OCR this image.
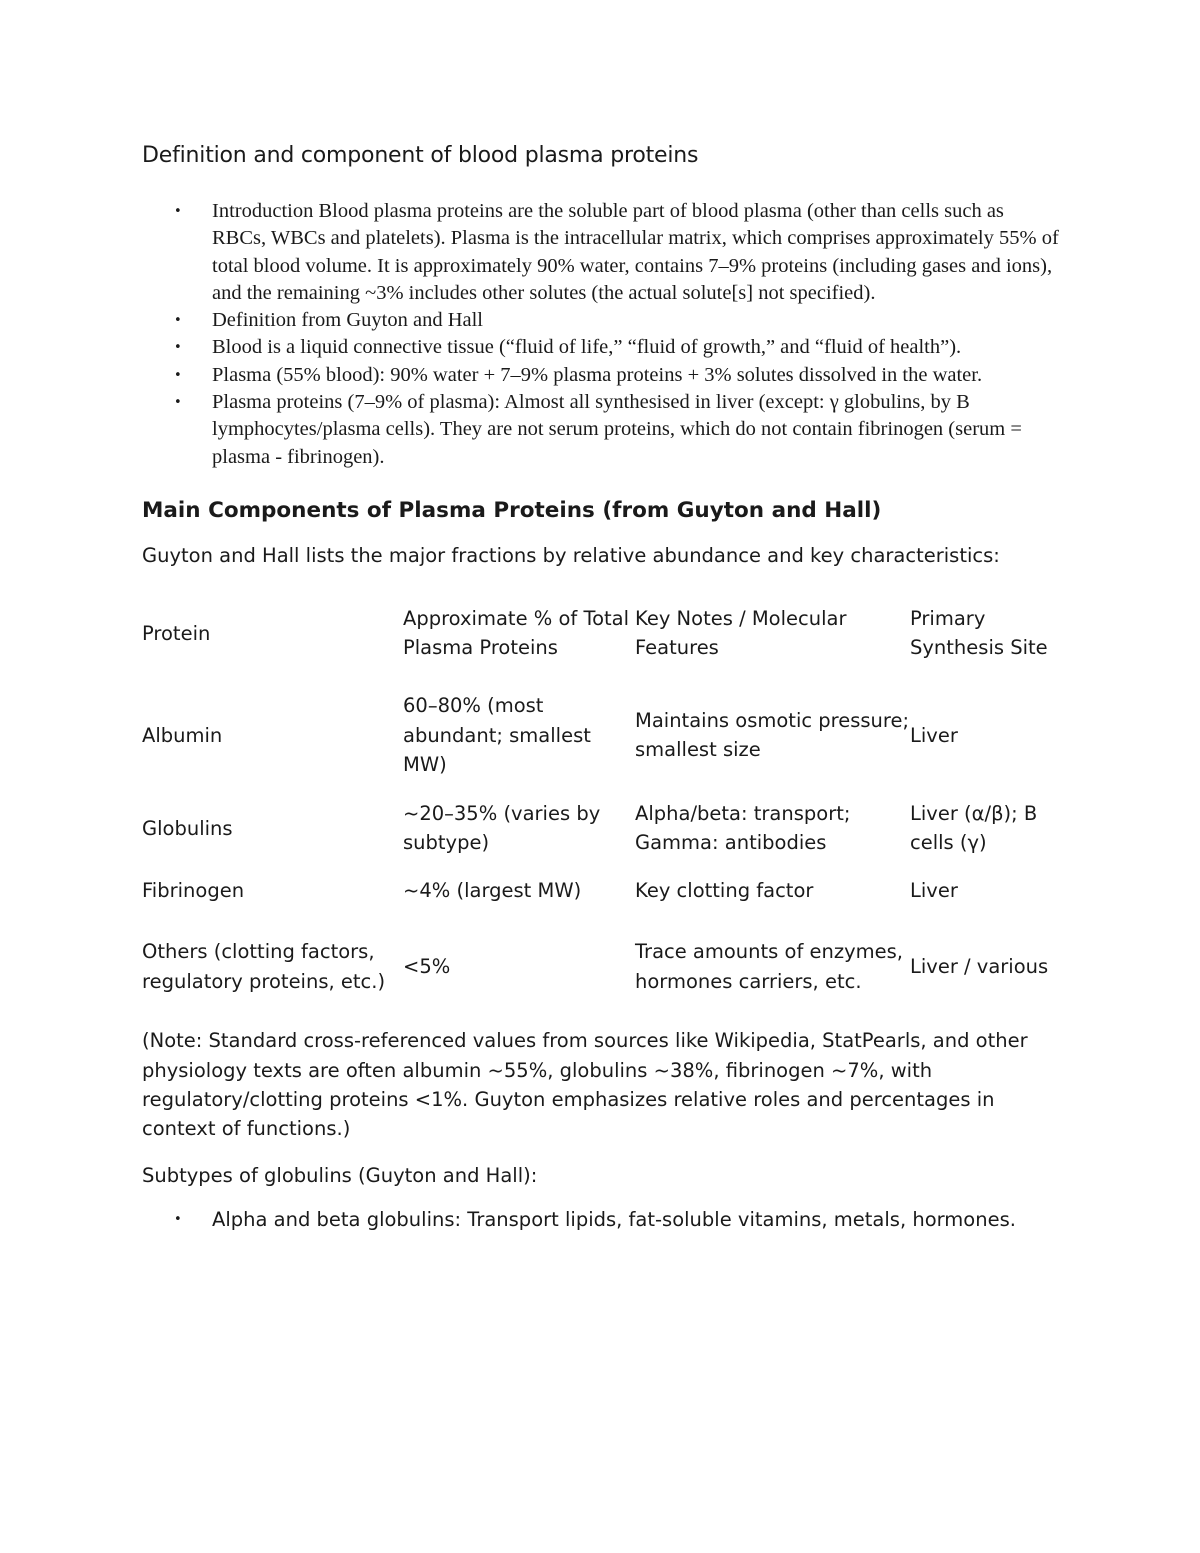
Definition and component of blood plasma proteins
• Introduction Blood plasma proteins are the soluble part of blood plasma (other than cells such as RBCs, WBCs and platelets). Plasma is the intracellular matrix, which comprises approximately 55% of total blood volume. It is approximately 90% water, contains 7–9% proteins (including gases and ions), and the remaining ~3% includes other solutes (the actual solute[s] not specified).
• Definition from Guyton and Hall
• Blood is a liquid connective tissue (“fluid of life,” “fluid of growth,” and “fluid of health”).
• Plasma (55% blood): 90% water + 7–9% plasma proteins + 3% solutes dissolved in the water.
• Plasma proteins (7–9% of plasma): Almost all synthesised in liver (except: γ globulins, by B lymphocytes/plasma cells). They are not serum proteins, which do not contain fibrinogen (serum = plasma - fibrinogen).
Main Components of Plasma Proteins (from Guyton and Hall)

Guyton and Hall lists the major fractions by relative abundance and key characteristics:

Protein	Approximate % of Total Plasma Proteins	Key Notes / Molecular Features	Primary Synthesis Site
Albumin	60–80% (most abundant; smallest MW)	Maintains osmotic pressure; smallest size	Liver
Globulins	~20–35% (varies by subtype)	Alpha/beta: transport; Gamma: antibodies	Liver (α/β); B cells (γ)
Fibrinogen	~4% (largest MW)	Key clotting factor	Liver
Others (clotting factors, regulatory proteins, etc.)	<5%	Trace amounts of enzymes, hormones carriers, etc.	Liver / various

(Note: Standard cross-referenced values from sources like Wikipedia, StatPearls, and other physiology texts are often albumin ~55%, globulins ~38%, fibrinogen ~7%, with regulatory/clotting proteins <1%. Guyton emphasizes relative roles and percentages in context of functions.)

Subtypes of globulins (Guyton and Hall):

• Alpha and beta globulins: Transport lipids, fat-soluble vitamins, metals, hormones.
